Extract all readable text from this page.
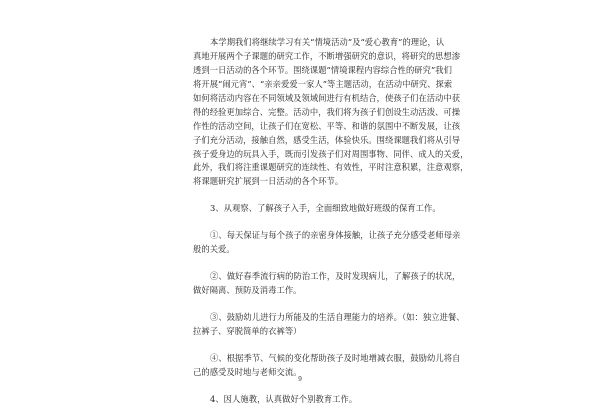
本学期我们将继续学习有关“情境活动”及“爱心教育”的理论，认
真地开展两个子课题的研究工作，不断增强研究的意识，将研究的思想渗
透到一日活动的各个环节。围绕课题“情境课程内容综合性的研究”我们
将开展“闹元宵”、“亲亲爱爱一家人”等主题活动，在活动中研究、探索
如何将活动内容在不同领域及领域间进行有机结合，使孩子们在活动中获
得的经验更加综合、完整。活动中，我们将为孩子们创设生动活泼、可操
作性的活动空间，让孩子们在宽松、平等、和谐的氛围中不断发展，让孩
子们充分活动，接触自然，感受生活，体验快乐。围绕课题我们将从引导
孩子爱身边的玩具入手，既而引发孩子们对周围事物、同伴、成人的关爱，
此外，我们将注重课题研究的连续性、有效性，平时注意积累，注意观察，
将课题研究扩展到一日活动的各个环节。
3、从观察、了解孩子入手，全面细致地做好班级的保育工作。
①、每天保证与每个孩子的亲密身体接触，让孩子充分感受老师母亲
般的关爱。
②、做好春季流行病的防治工作，及时发现病儿，了解孩子的状况，
做好隔离、预防及消毒工作。
③、鼓励幼儿进行力所能及的生活自理能力的培养。（如：独立进餐、
拉裤子、穿脱简单的衣裤等）
④、根据季节、气候的变化帮助孩子及时地增减衣服，鼓励幼儿将自
己的感受及时地与老师交流。
4、因人施教，认真做好个别教育工作。
9
